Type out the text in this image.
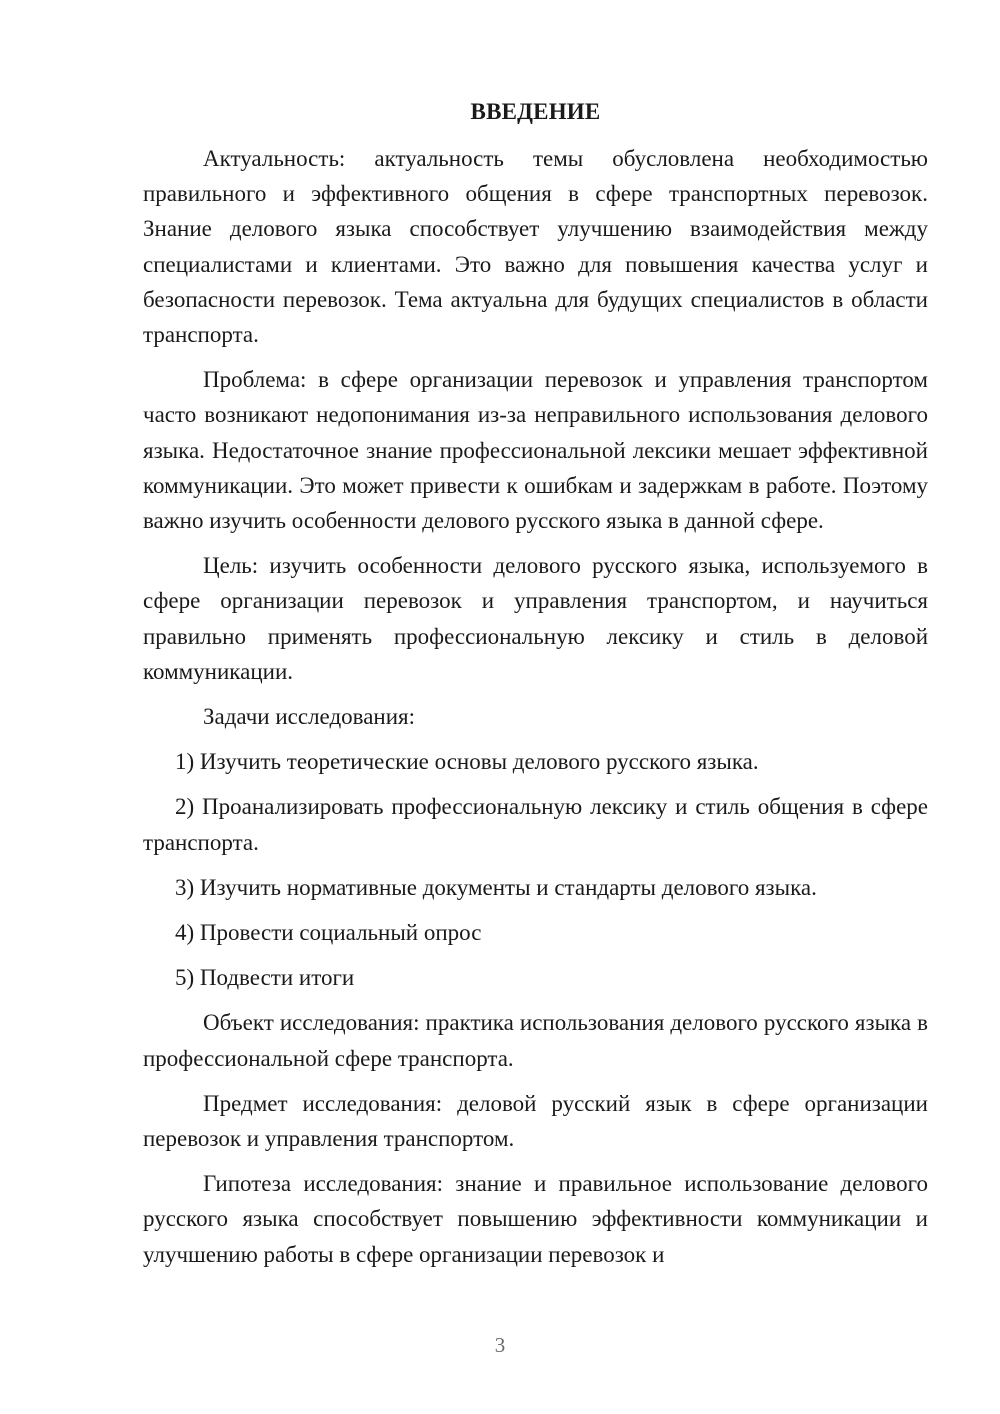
ВВЕДЕНИЕ

Актуальность: актуальность темы обусловлена необходимостью правильного и эффективного общения в сфере транспортных перевозок. Знание делового языка способствует улучшению взаимодействия между специалистами и клиентами. Это важно для повышения качества услуг и безопасности перевозок. Тема актуальна для будущих специалистов в области транспорта.

Проблема: в сфере организации перевозок и управления транспортом часто возникают недопонимания из-за неправильного использования делового языка. Недостаточное знание профессиональной лексики мешает эффективной коммуникации. Это может привести к ошибкам и задержкам в работе. Поэтому важно изучить особенности делового русского языка в данной сфере.

Цель: изучить особенности делового русского языка, используемого в сфере организации перевозок и управления транспортом, и научиться правильно применять профессиональную лексику и стиль в деловой коммуникации.

Задачи исследования:

1) Изучить теоретические основы делового русского языка.

2) Проанализировать профессиональную лексику и стиль общения в сфере транспорта.

3) Изучить нормативные документы и стандарты делового языка.

4) Провести социальный опрос

5) Подвести итоги

Объект исследования: практика использования делового русского языка в профессиональной сфере транспорта.

Предмет исследования: деловой русский язык в сфере организации перевозок и управления транспортом.

Гипотеза исследования: знание и правильное использование делового русского языка способствует повышению эффективности коммуникации и улучшению работы в сфере организации перевозок и

3
